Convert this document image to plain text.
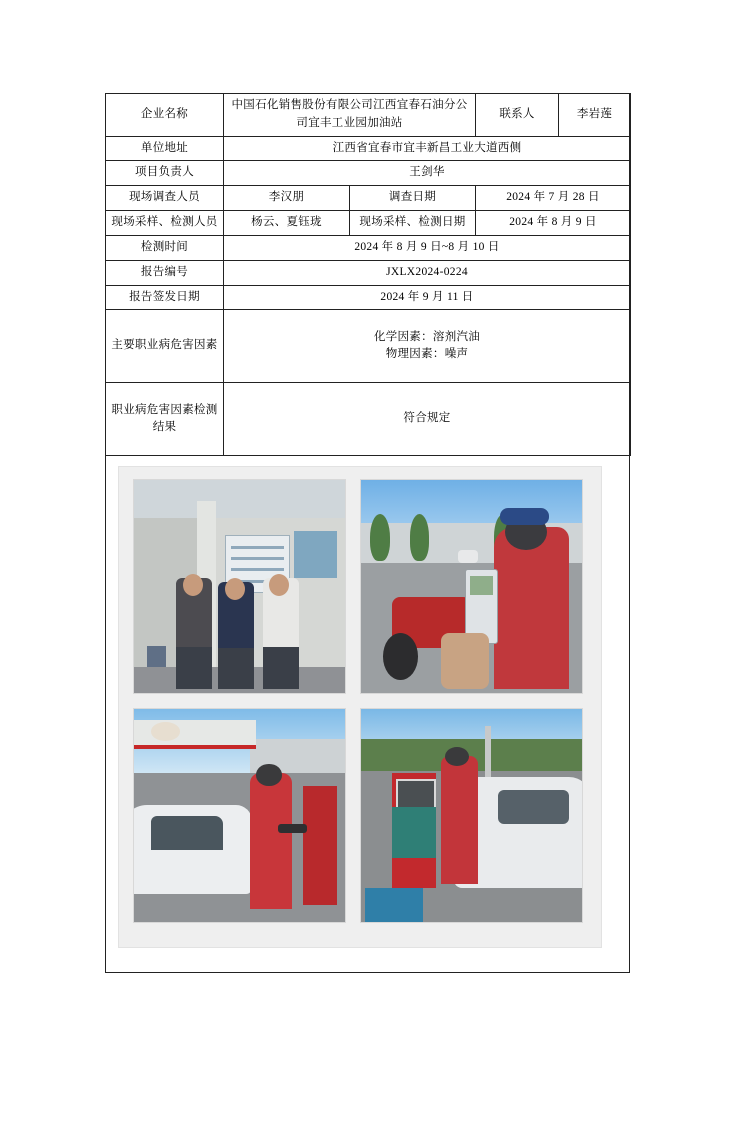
企业名称	中国石化销售股份有限公司江西宜春石油分公司宜丰工业园加油站		联系人	李岩莲
单位地址	江西省宜春市宜丰新昌工业大道西侧			
项目负责人	王剑华			
现场调查人员	李汉朋	调查日期	2024 年 7 月 28 日	
现场采样、检测人员	杨云、夏钰珑	现场采样、检测日期	2024 年 8 月 9 日	
检测时间	2024 年 8 月 9 日~8 月 10 日			
报告编号	JXLX2024‐0224			
报告签发日期	2024 年 9 月 11 日			
主要职业病危害因素	化学因素：溶剂汽油
物理因素：噪声			

职业病危害因素检测结果	符合规定			
